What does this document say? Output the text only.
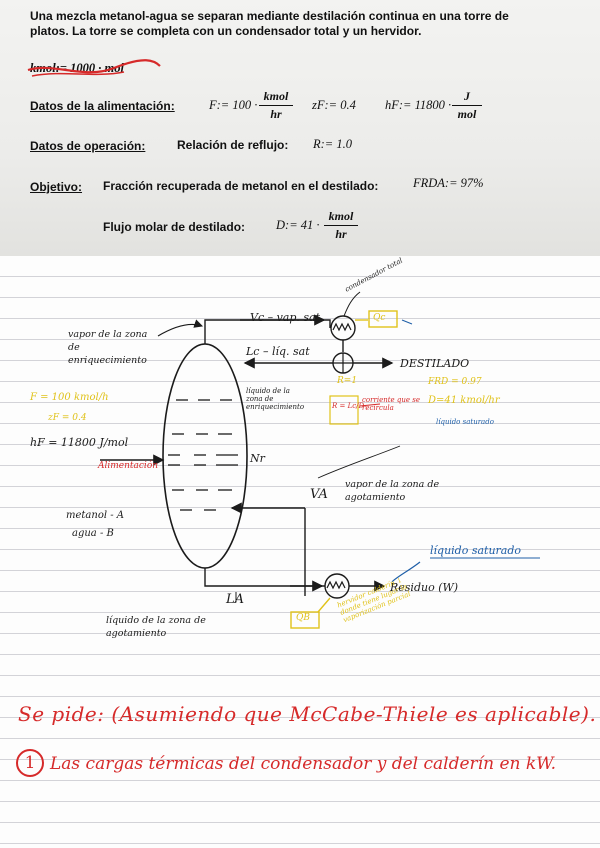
Una mezcla metanol-agua se separan mediante destilación continua en una torre de
platos. La torre se completa con un condensador total y un hervidor.
kmol:= 1000 · mol
Datos de la alimentación:	F:= 100 ·
kmol
hr
zF:= 0.4 hF:= 11800 ·
J
mol
Datos de operación:	Relación de reflujo: R:= 1.0
Objetivo: Fracción recuperada de metanol en el destilado:	FRDA:= 97%
Flujo molar de destilado: D:= 41 ·
kmol
hr
condensador total
Vc – vap. sat
Lc – líq. sat
Qc
DESTILADO
R=1	FRD = 0.97
D=41 kmol/hr
líquido saturado
R = Lc/D
corriente que se recircula
vapor de la zona de enriquecimiento
líquido de la zona de enriquecimiento
F = 100 kmol/h
zF = 0.4
hF = 11800 J/mol
Alimentación
Nr
VA
vapor de la zona de agotamiento
metanol - A
agua - B
líquido saturado
Residuo (W)
LA
líquido de la zona de agotamiento
QB
hervidor calderín ↓ donde tiene lugar la vaporización parcial
Se pide: (Asumiendo que McCabe-Thiele es aplicable).
1 Las cargas térmicas del condensador y del calderín en kW.
